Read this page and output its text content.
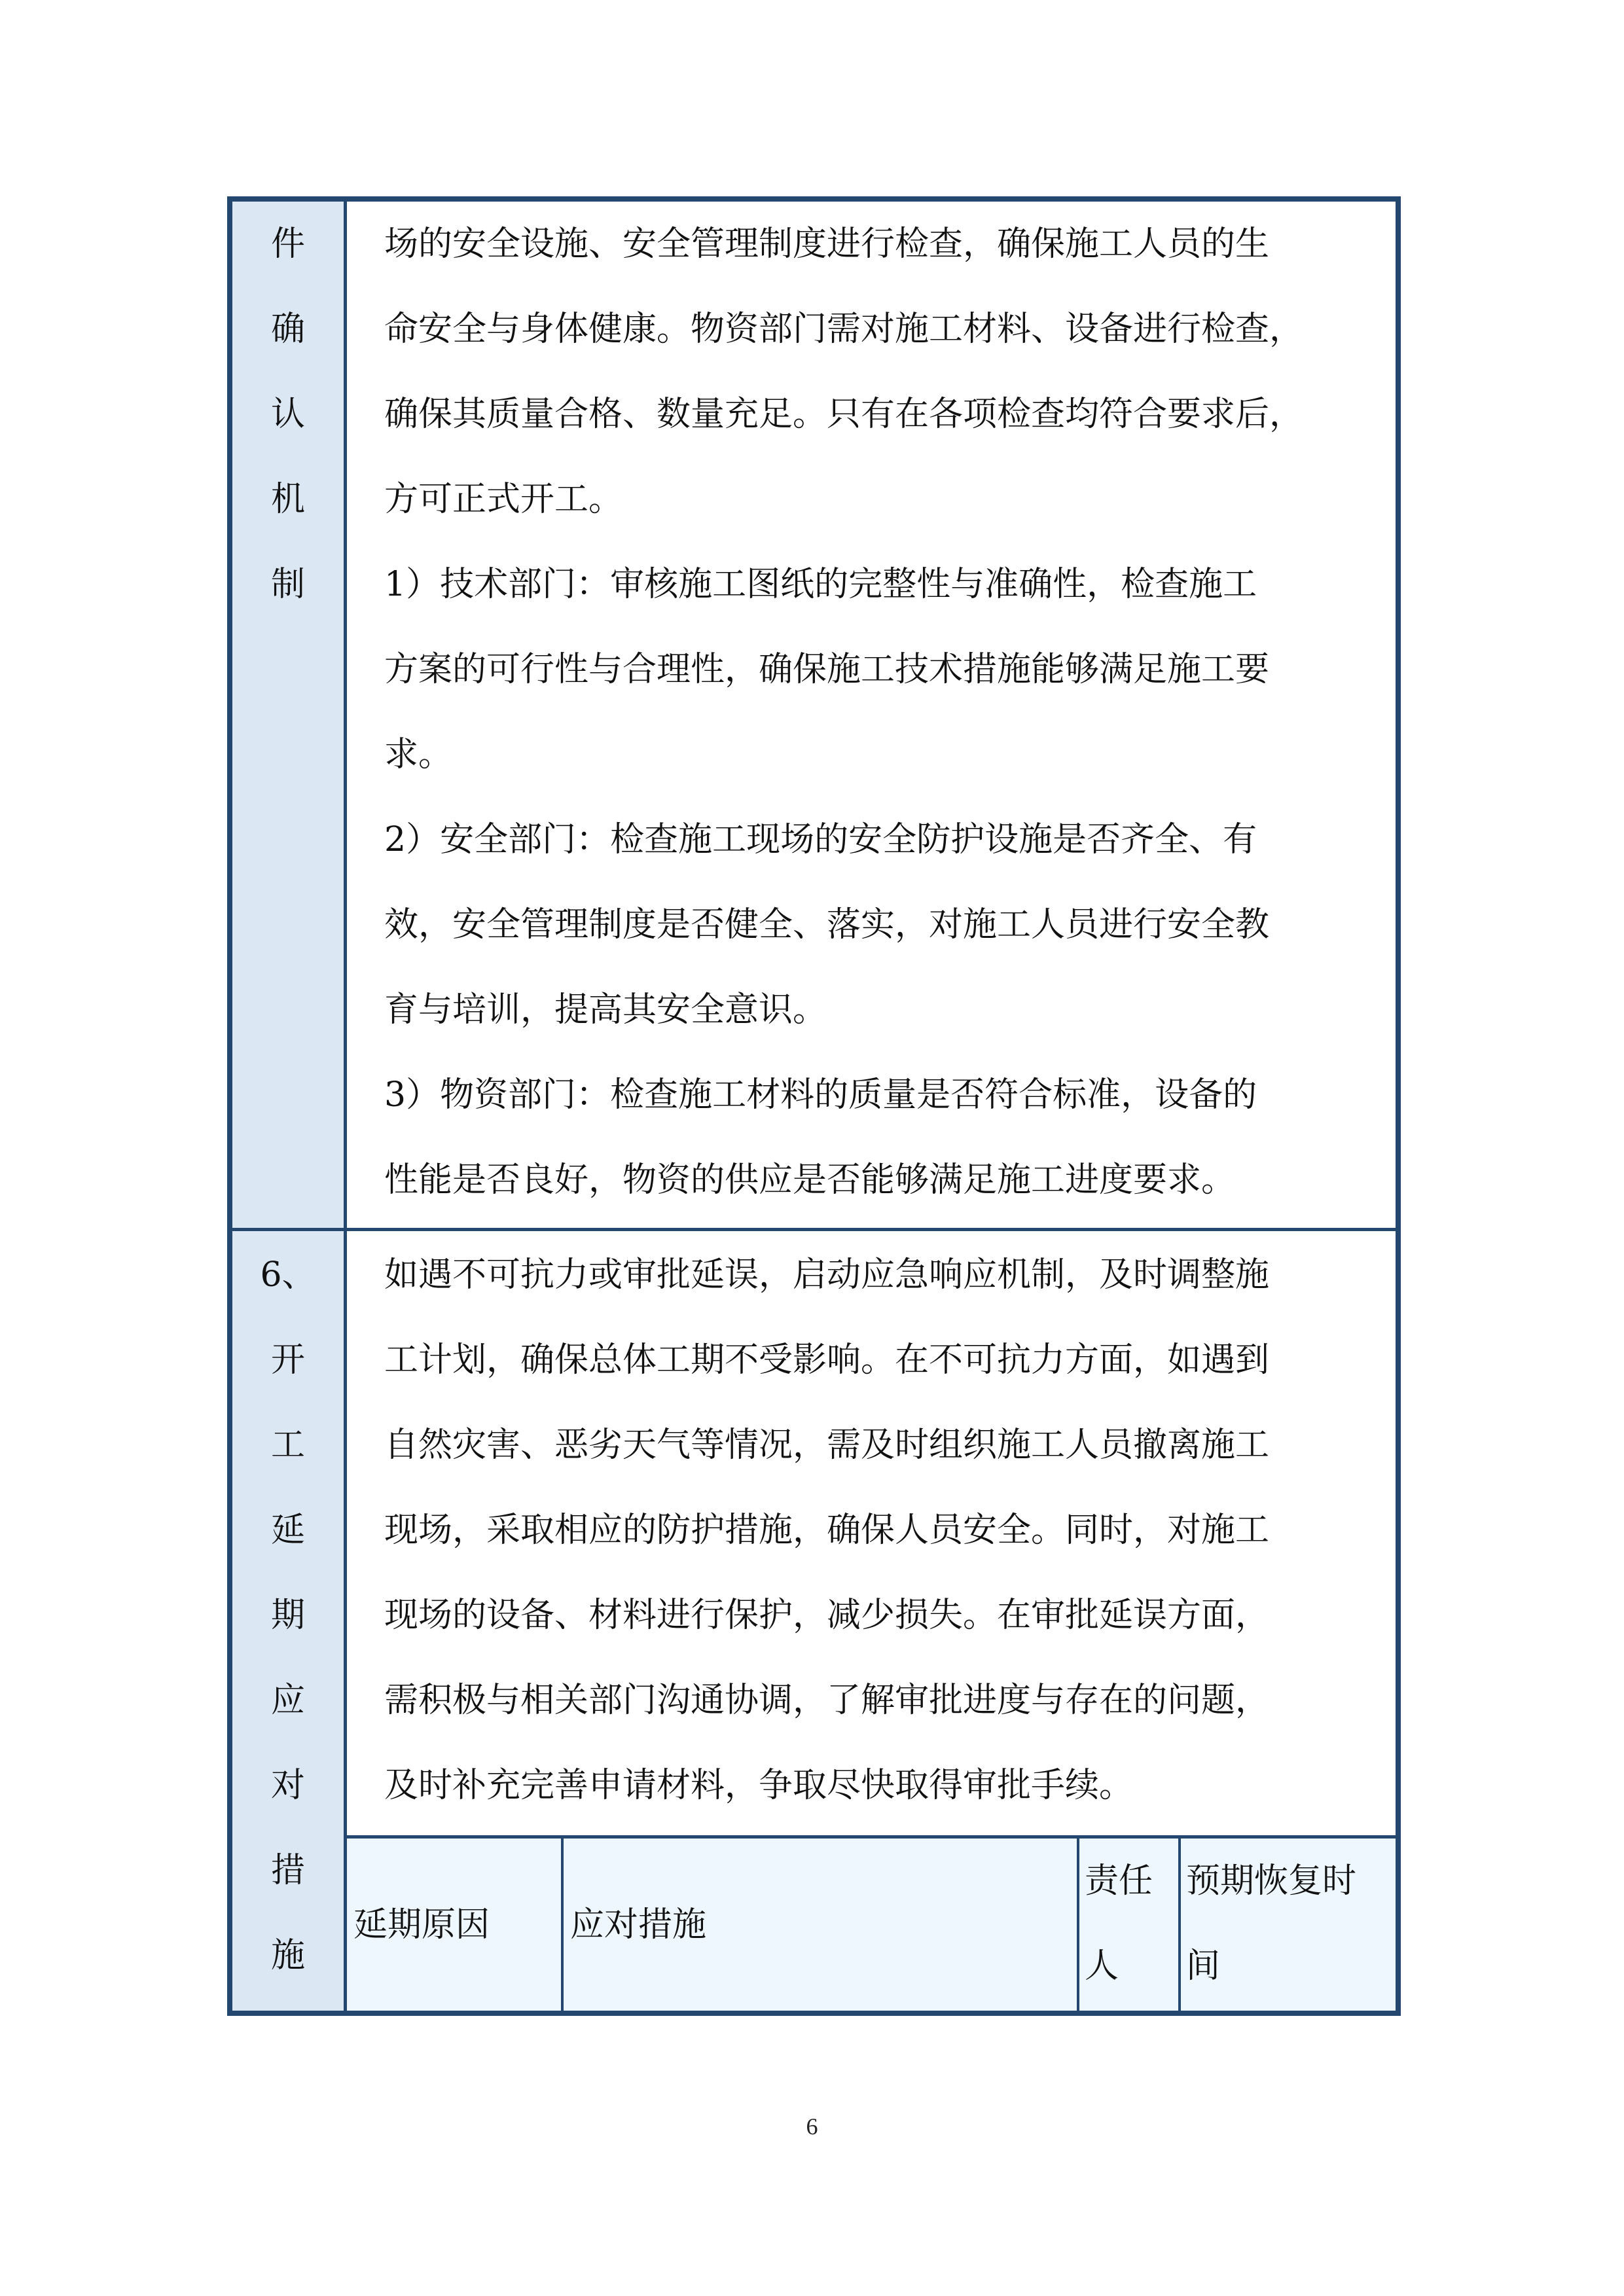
件
确
认
机
制
场的安全设施、安全管理制度进行检查，确保施工人员的生
命安全与身体健康。物资部门需对施工材料、设备进行检查，
确保其质量合格、数量充足。只有在各项检查均符合要求后，
方可正式开工。
1）技术部门：审核施工图纸的完整性与准确性，检查施工
方案的可行性与合理性，确保施工技术措施能够满足施工要
求。
2）安全部门：检查施工现场的安全防护设施是否齐全、有
效，安全管理制度是否健全、落实，对施工人员进行安全教
育与培训，提高其安全意识。
3）物资部门：检查施工材料的质量是否符合标准，设备的
性能是否良好，物资的供应是否能够满足施工进度要求。
6、
开
工
延
期
应
对
措
施
如遇不可抗力或审批延误，启动应急响应机制，及时调整施
工计划，确保总体工期不受影响。在不可抗力方面，如遇到
自然灾害、恶劣天气等情况，需及时组织施工人员撤离施工
现场，采取相应的防护措施，确保人员安全。同时，对施工
现场的设备、材料进行保护，减少损失。在审批延误方面，
需积极与相关部门沟通协调，了解审批进度与存在的问题，
及时补充完善申请材料，争取尽快取得审批手续。
延期原因 应对措施
责任
人
预期恢复时
间
6
